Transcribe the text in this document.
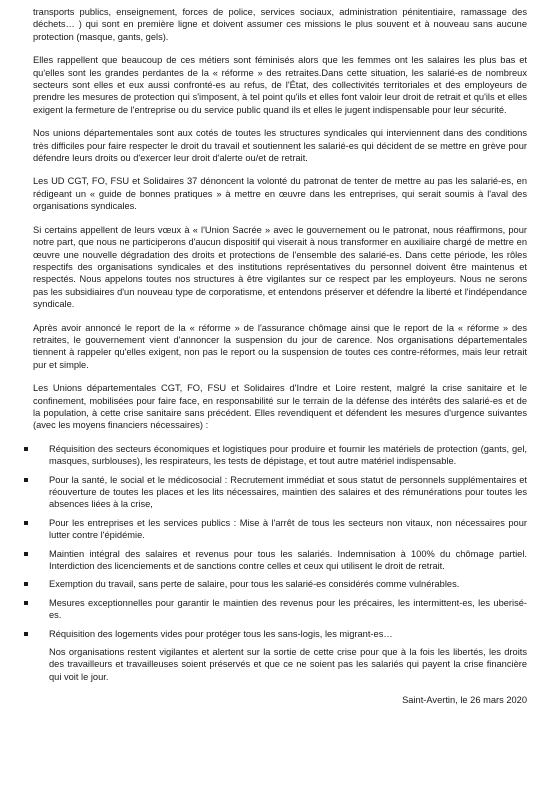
transports publics, enseignement, forces de police, services sociaux, administration pénitentiaire, ramassage des déchets… ) qui sont en première ligne et doivent assumer ces missions le plus souvent et à nouveau sans aucune protection (masque, gants, gels).

Elles rappellent que beaucoup de ces métiers sont féminisés alors que les femmes ont les salaires les plus bas et qu'elles sont les grandes perdantes de la « réforme » des retraites.Dans cette situation, les salarié-es de nombreux secteurs sont elles et eux aussi confronté-es au refus, de l'État, des collectivités territoriales et des employeurs de prendre les mesures de protection qui s'imposent, à tel point qu'ils et elles font valoir leur droit de retrait et qu'ils et elles exigent la fermeture de l'entreprise ou du service public quand ils et elles le jugent indispensable pour leur sécurité.

Nos unions départementales sont aux cotés de toutes les structures syndicales qui interviennent dans des conditions très difficiles pour faire respecter le droit du travail et soutiennent les salarié-es qui décident de se mettre en grève pour défendre leurs droits ou d'exercer leur droit d'alerte ou/et de retrait.

Les UD CGT, FO, FSU et Solidaires 37 dénoncent la volonté du patronat de tenter de mettre au pas les salarié-es, en rédigeant un « guide de bonnes pratiques » à mettre en œuvre dans les entreprises, qui serait soumis à l'aval des organisations syndicales.

Si certains appellent de leurs vœux à « l'Union Sacrée » avec le gouvernement ou le patronat, nous réaffirmons, pour notre part, que nous ne participerons d'aucun dispositif qui viserait à nous transformer en auxiliaire chargé de mettre en œuvre une nouvelle dégradation des droits et protections de l'ensemble des salarié-es. Dans cette période, les rôles respectifs des organisations syndicales et des institutions représentatives du personnel doivent être maintenus et respectés. Nous appelons toutes nos structures à être vigilantes sur ce respect par les employeurs. Nous ne serons pas les subsidiaires d'un nouveau type de corporatisme, et entendons préserver et défendre la liberté et l'indépendance syndicale.

Après avoir annoncé le report de la « réforme » de l'assurance chômage ainsi que le report de la « réforme » des retraites, le gouvernement vient d'annoncer la suspension du jour de carence. Nos organisations départementales tiennent à rappeler qu'elles exigent, non pas le report ou la suspension de toutes ces contre-réformes, mais leur retrait pur et simple.

Les Unions départementales CGT, FO, FSU et Solidaires d'Indre et Loire restent, malgré la crise sanitaire et le confinement, mobilisées pour faire face, en responsabilité sur le terrain de la défense des intérêts des salarié-es et de la population, à cette crise sanitaire sans précédent. Elles revendiquent et défendent les mesures d'urgence suivantes (avec les moyens financiers nécessaires) :

Réquisition des secteurs économiques et logistiques pour produire et fournir les matériels de protection (gants, gel, masques, surblouses), les respirateurs, les tests de dépistage, et tout autre matériel indispensable.
Pour la santé, le social et le médicosocial : Recrutement immédiat et sous statut de personnels supplémentaires et réouverture de toutes les places et les lits nécessaires, maintien des salaires et des rémunérations pour toutes les absences liées à la crise,
Pour les entreprises et les services publics : Mise à l'arrêt de tous les secteurs non vitaux, non nécessaires pour lutter contre l'épidémie.
Maintien intégral des salaires et revenus pour tous les salariés. Indemnisation à 100% du chômage partiel. Interdiction des licenciements et de sanctions contre celles et ceux qui utilisent le droit de retrait.
Exemption du travail, sans perte de salaire, pour tous les salarié-es considérés comme vulnérables.
Mesures exceptionnelles pour garantir le maintien des revenus pour les précaires, les intermittent-es, les uberisé-es.
Réquisition des logements vides pour protéger tous les sans-logis, les migrant-es…

Nos organisations restent vigilantes et alertent sur la sortie de cette crise pour que à la fois les libertés, les droits des travailleurs et travailleuses soient préservés et que ce ne soient pas les salariés qui payent la crise financière qui voit le jour.

Saint-Avertin, le 26 mars 2020
